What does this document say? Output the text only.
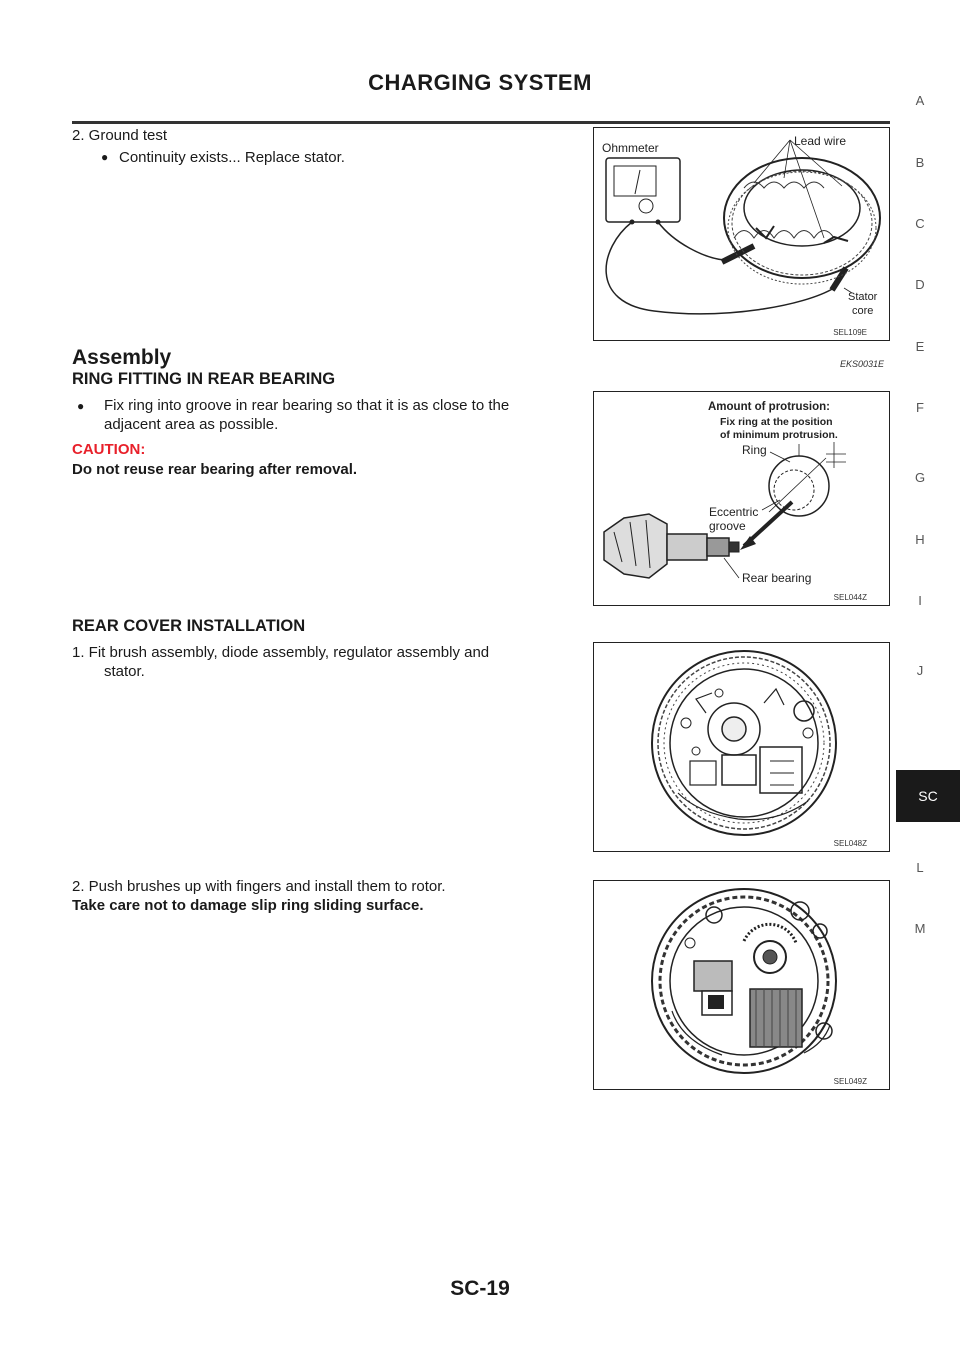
CHARGING SYSTEM
2. Ground test
● Continuity exists... Replace stator.
Ohmmeter	Lead wire
Stator
core
SEL109E
Assembly	EKS0031E
RING FITTING IN REAR BEARING
● Fix ring into groove in rear bearing so that it is as close to the
adjacent area as possible.
CAUTION:
Do not reuse rear bearing after removal.
Amount of protrusion:
Fix ring at the position
of minimum protrusion.
Ring
Eccentric
groove
Rear bearing
SEL044Z
REAR COVER INSTALLATION
1. Fit brush assembly, diode assembly, regulator assembly and
stator.
SEL048Z
2. Push brushes up with fingers and install them to rotor.
Take care not to damage slip ring sliding surface.
SEL049Z
A
B
C
D
E
F
G
H
I
J
SC
L
M
SC-19
